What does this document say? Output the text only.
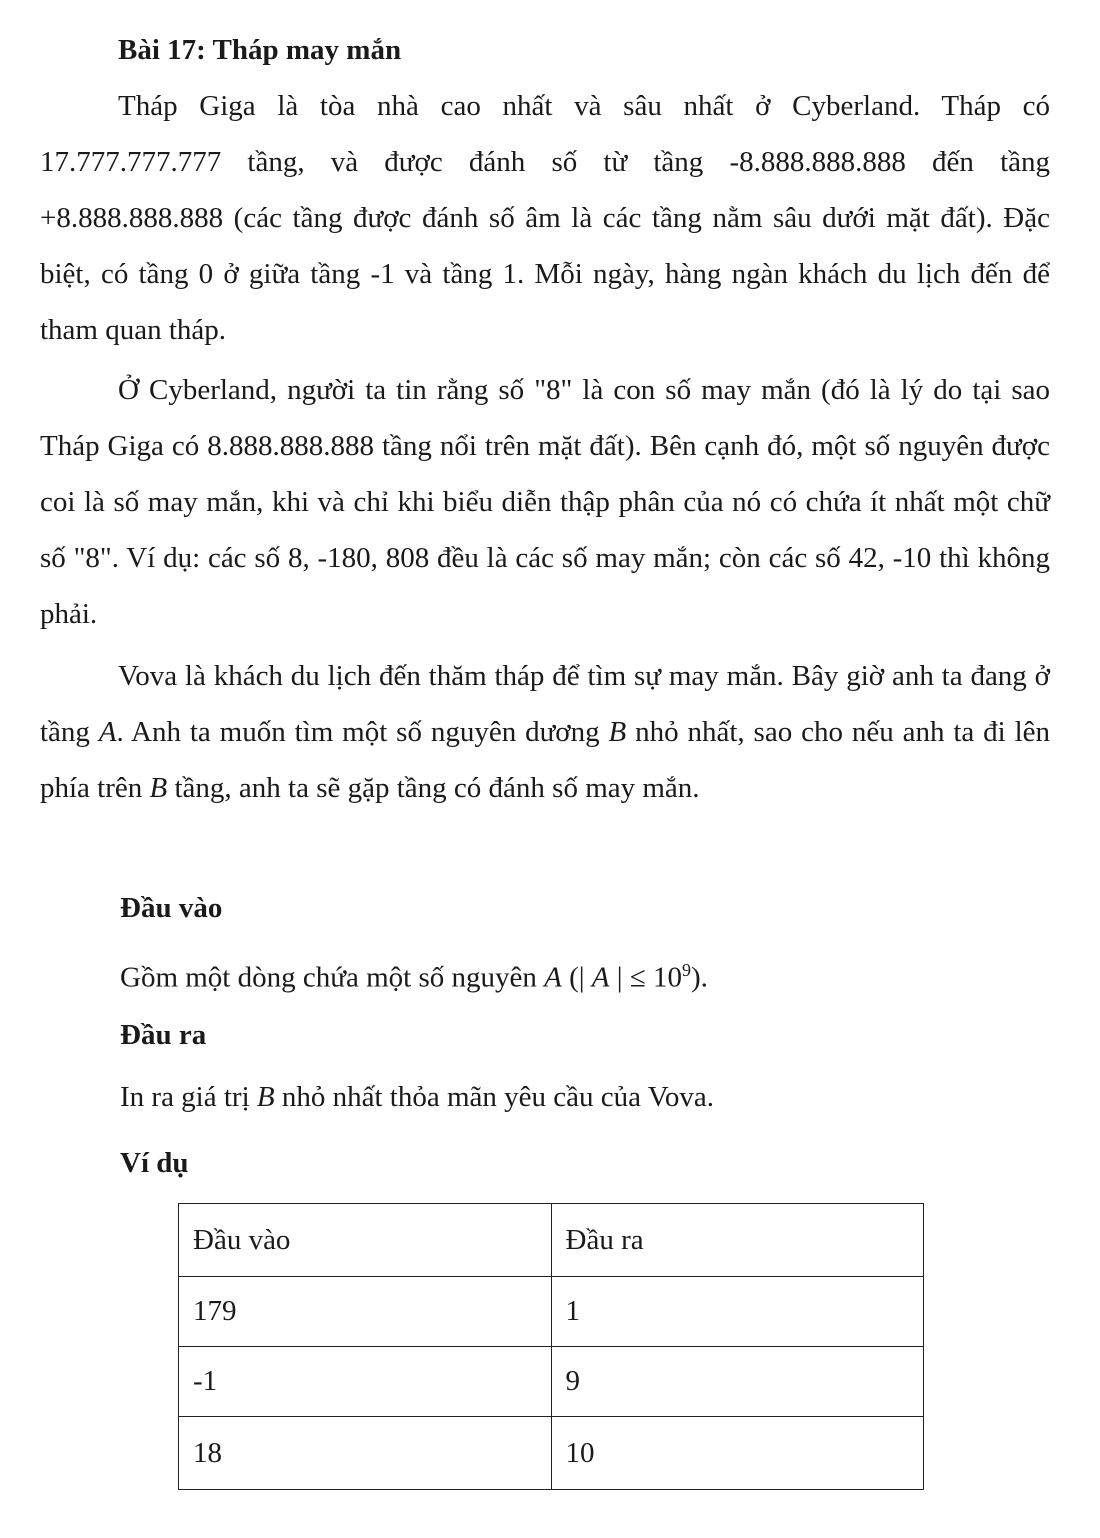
Bài 17: Tháp may mắn

Tháp Giga là tòa nhà cao nhất và sâu nhất ở Cyberland. Tháp có 17.777.777.777 tầng, và được đánh số từ tầng -8.888.888.888 đến tầng +8.888.888.888 (các tầng được đánh số âm là các tầng nằm sâu dưới mặt đất). Đặc biệt, có tầng 0 ở giữa tầng -1 và tầng 1. Mỗi ngày, hàng ngàn khách du lịch đến để tham quan tháp.

Ở Cyberland, người ta tin rằng số "8" là con số may mắn (đó là lý do tại sao Tháp Giga có 8.888.888.888 tầng nổi trên mặt đất). Bên cạnh đó, một số nguyên được coi là số may mắn, khi và chỉ khi biểu diễn thập phân của nó có chứa ít nhất một chữ số "8". Ví dụ: các số 8, -180, 808 đều là các số may mắn; còn các số 42, -10 thì không phải.

Vova là khách du lịch đến thăm tháp để tìm sự may mắn. Bây giờ anh ta đang ở tầng A. Anh ta muốn tìm một số nguyên dương B nhỏ nhất, sao cho nếu anh ta đi lên phía trên B tầng, anh ta sẽ gặp tầng có đánh số may mắn.

Đầu vào

Gồm một dòng chứa một số nguyên A (| A | ≤ $10^9$).

Đầu ra

In ra giá trị B nhỏ nhất thỏa mãn yêu cầu của Vova.

Ví dụ

Đầu vào	Đầu ra
179	1
-1	9
18	10
